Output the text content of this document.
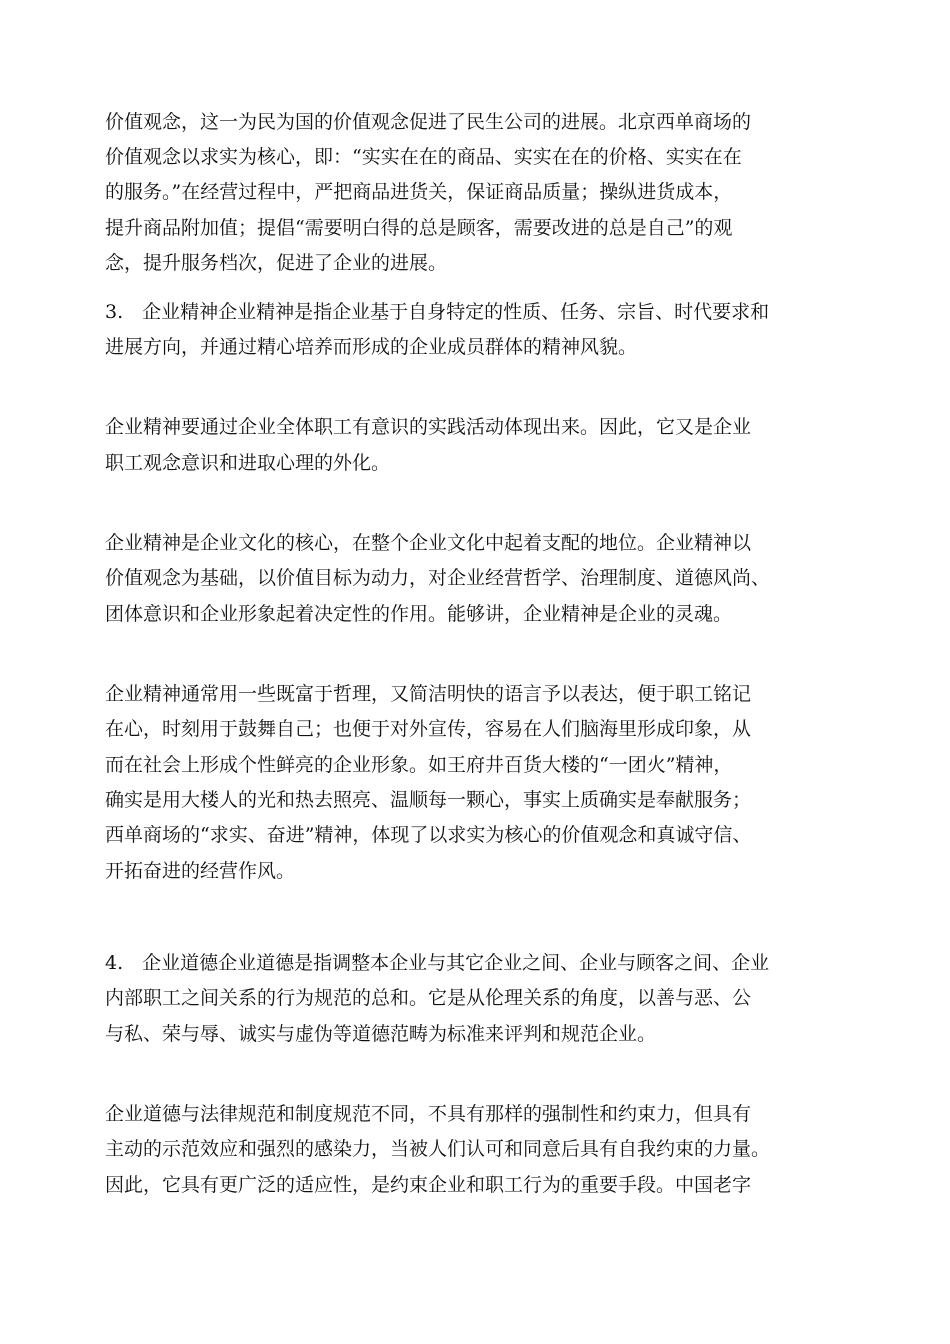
价值观念，这一为民为国的价值观念促进了民生公司的进展。北京西单商场的
价值观念以求实为核心，即：“实实在在的商品、实实在在的价格、实实在在
的服务。”在经营过程中，严把商品进货关，保证商品质量；操纵进货成本，
提升商品附加值；提倡“需要明白得的总是顾客，需要改进的总是自己”的观
念，提升服务档次，促进了企业的进展。
3.　企业精神企业精神是指企业基于自身特定的性质、任务、宗旨、时代要求和
进展方向，并通过精心培养而形成的企业成员群体的精神风貌。
企业精神要通过企业全体职工有意识的实践活动体现出来。因此，它又是企业
职工观念意识和进取心理的外化。
企业精神是企业文化的核心，在整个企业文化中起着支配的地位。企业精神以
价值观念为基础，以价值目标为动力，对企业经营哲学、治理制度、道德风尚、
团体意识和企业形象起着决定性的作用。能够讲，企业精神是企业的灵魂。
企业精神通常用一些既富于哲理，又简洁明快的语言予以表达，便于职工铭记
在心，时刻用于鼓舞自己；也便于对外宣传，容易在人们脑海里形成印象，从
而在社会上形成个性鲜亮的企业形象。如王府井百货大楼的“一团火”精神，
确实是用大楼人的光和热去照亮、温顺每一颗心，事实上质确实是奉献服务；
西单商场的“求实、奋进”精神，体现了以求实为核心的价值观念和真诚守信、
开拓奋进的经营作风。
4.　企业道德企业道德是指调整本企业与其它企业之间、企业与顾客之间、企业
内部职工之间关系的行为规范的总和。它是从伦理关系的角度，以善与恶、公
与私、荣与辱、诚实与虚伪等道德范畴为标准来评判和规范企业。
企业道德与法律规范和制度规范不同，不具有那样的强制性和约束力，但具有
主动的示范效应和强烈的感染力，当被人们认可和同意后具有自我约束的力量。
因此，它具有更广泛的适应性，是约束企业和职工行为的重要手段。中国老字
